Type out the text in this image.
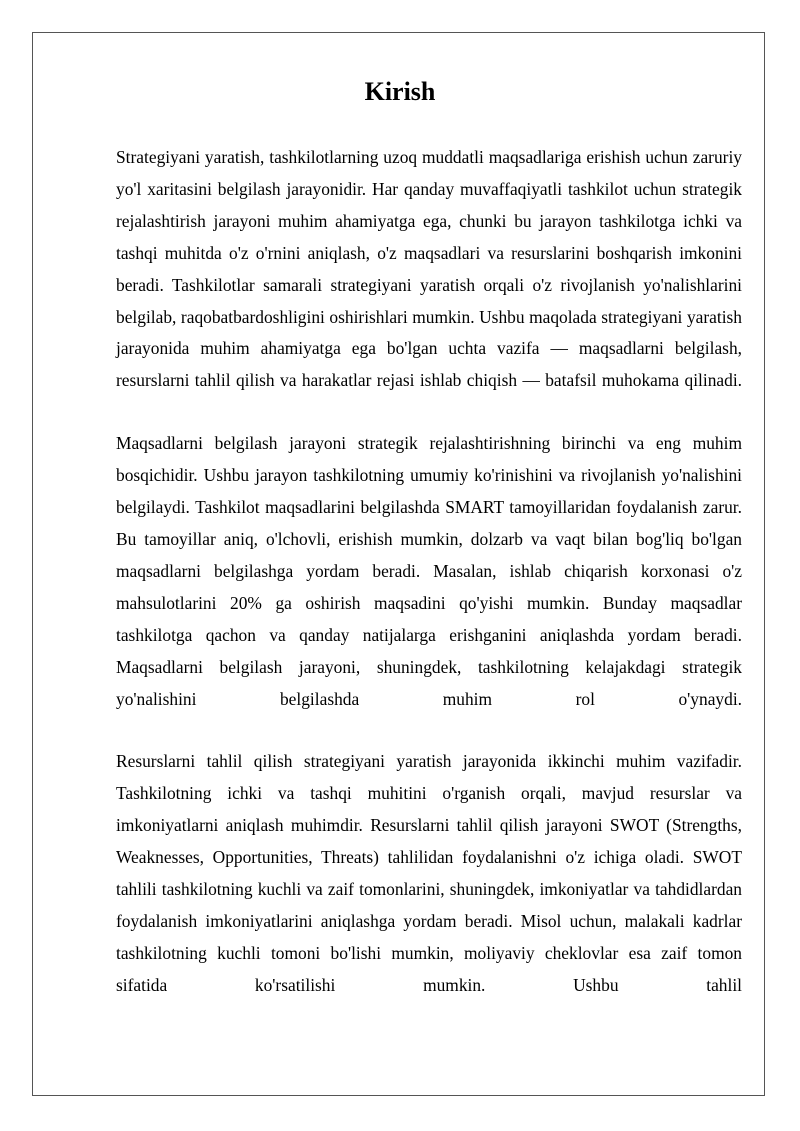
Kirish

Strategiyani yaratish, tashkilotlarning uzoq muddatli maqsadlariga erishish uchun zaruriy yo'l xaritasini belgilash jarayonidir. Har qanday muvaffaqiyatli tashkilot uchun strategik rejalashtirish jarayoni muhim ahamiyatga ega, chunki bu jarayon tashkilotga ichki va tashqi muhitda o'z o'rnini aniqlash, o'z maqsadlari va resurslarini boshqarish imkonini beradi. Tashkilotlar samarali strategiyani yaratish orqali o'z rivojlanish yo'nalishlarini belgilab, raqobatbardoshligini oshirishlari mumkin. Ushbu maqolada strategiyani yaratish jarayonida muhim ahamiyatga ega bo'lgan uchta vazifa — maqsadlarni belgilash, resurslarni tahlil qilish va harakatlar rejasi ishlab chiqish — batafsil muhokama qilinadi.

Maqsadlarni belgilash jarayoni strategik rejalashtirishning birinchi va eng muhim bosqichidir. Ushbu jarayon tashkilotning umumiy ko'rinishini va rivojlanish yo'nalishini belgilaydi. Tashkilot maqsadlarini belgilashda SMART tamoyillaridan foydalanish zarur. Bu tamoyillar aniq, o'lchovli, erishish mumkin, dolzarb va vaqt bilan bog'liq bo'lgan maqsadlarni belgilashga yordam beradi. Masalan, ishlab chiqarish korxonasi o'z mahsulotlarini 20% ga oshirish maqsadini qo'yishi mumkin. Bunday maqsadlar tashkilotga qachon va qanday natijalarga erishganini aniqlashda yordam beradi. Maqsadlarni belgilash jarayoni, shuningdek, tashkilotning kelajakdagi strategik yo'nalishini belgilashda muhim rol o'ynaydi.

Resurslarni tahlil qilish strategiyani yaratish jarayonida ikkinchi muhim vazifadir. Tashkilotning ichki va tashqi muhitini o'rganish orqali, mavjud resurslar va imkoniyatlarni aniqlash muhimdir. Resurslarni tahlil qilish jarayoni SWOT (Strengths, Weaknesses, Opportunities, Threats) tahlilidan foydalanishni o'z ichiga oladi. SWOT tahlili tashkilotning kuchli va zaif tomonlarini, shuningdek, imkoniyatlar va tahdidlardan foydalanish imkoniyatlarini aniqlashga yordam beradi. Misol uchun, malakali kadrlar tashkilotning kuchli tomoni bo'lishi mumkin, moliyaviy cheklovlar esa zaif tomon sifatida ko'rsatilishi mumkin. Ushbu tahlil
